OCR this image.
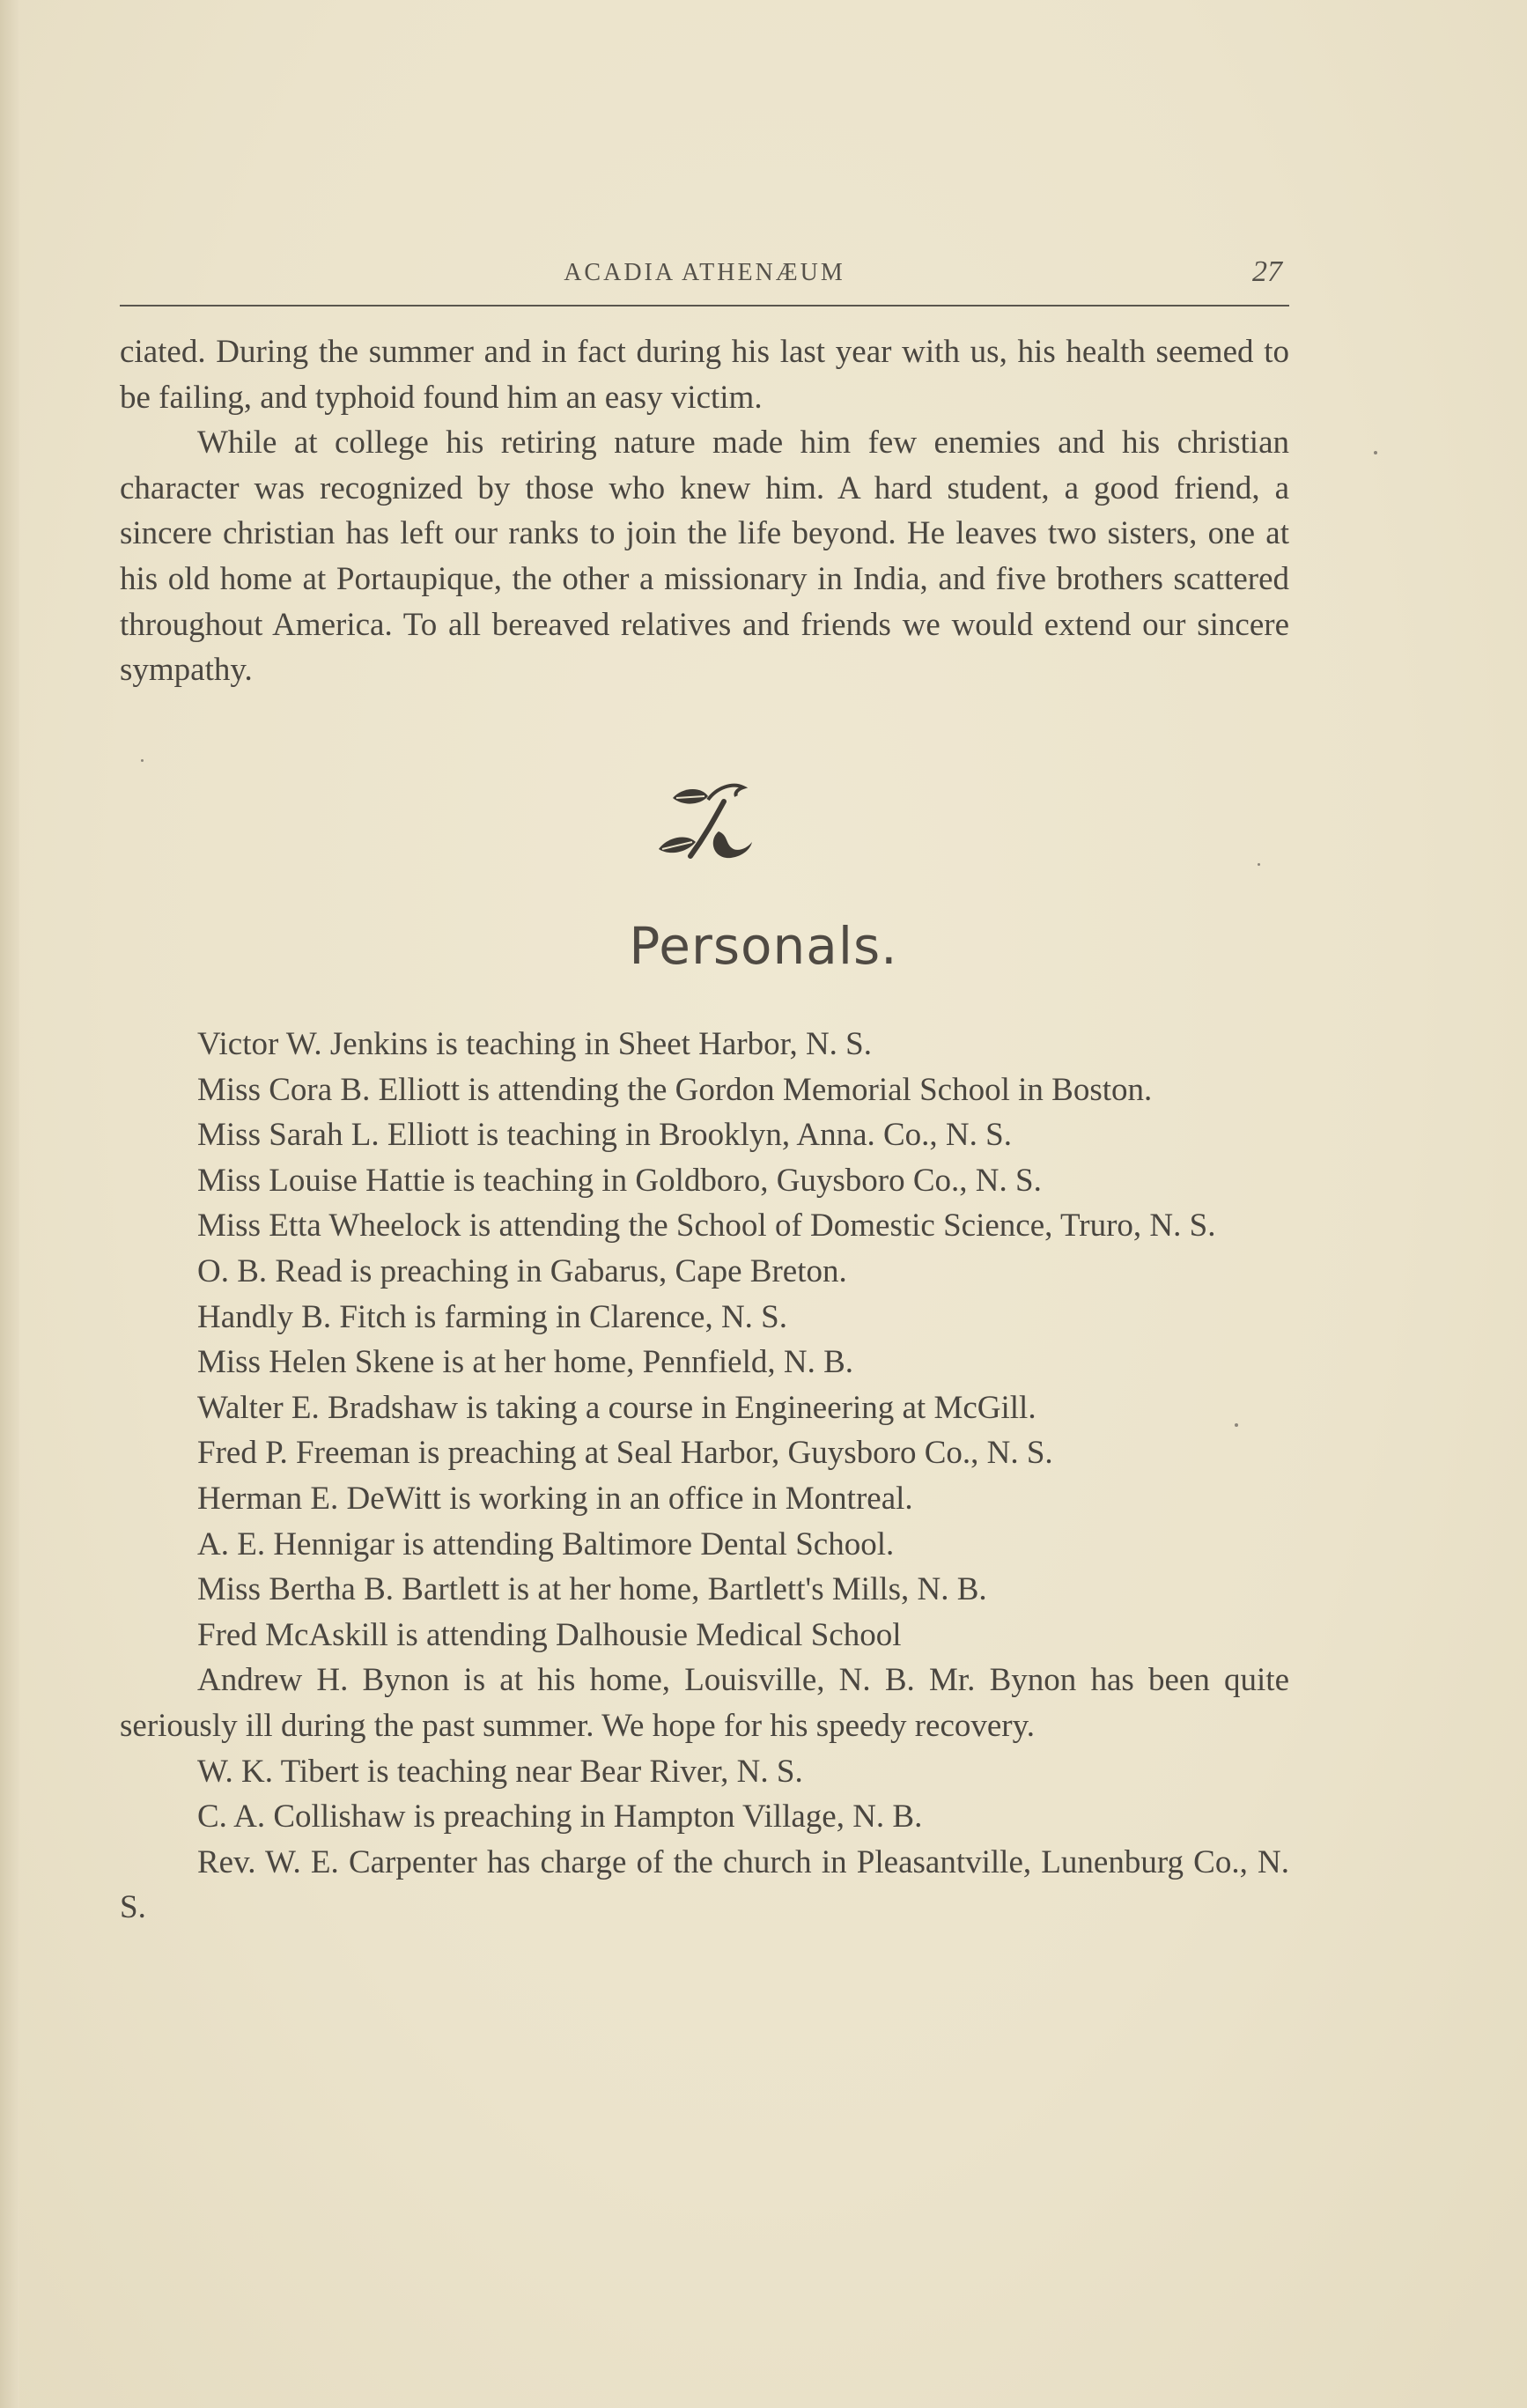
ACADIA ATHENÆUM	27

ciated. During the summer and in fact during his last year with us, his health seemed to be failing, and typhoid found him an easy victim.

While at college his retiring nature made him few enemies and his christian character was recognized by those who knew him. A hard student, a good friend, a sincere christian has left our ranks to join the life beyond. He leaves two sisters, one at his old home at Portaupique, the other a missionary in India, and five brothers scattered throughout America. To all bereaved relatives and friends we would extend our sincere sympathy.

Personals.

Victor W. Jenkins is teaching in Sheet Harbor, N. S.

Miss Cora B. Elliott is attending the Gordon Memorial School in Boston.

Miss Sarah L. Elliott is teaching in Brooklyn, Anna. Co., N. S.

Miss Louise Hattie is teaching in Goldboro, Guysboro Co., N. S.

Miss Etta Wheelock is attending the School of Domestic Science, Truro, N. S.

O. B. Read is preaching in Gabarus, Cape Breton.

Handly B. Fitch is farming in Clarence, N. S.

Miss Helen Skene is at her home, Pennfield, N. B.

Walter E. Bradshaw is taking a course in Engineering at McGill.

Fred P. Freeman is preaching at Seal Harbor, Guysboro Co., N. S.

Herman E. DeWitt is working in an office in Montreal.

A. E. Hennigar is attending Baltimore Dental School.

Miss Bertha B. Bartlett is at her home, Bartlett's Mills, N. B.

Fred McAskill is attending Dalhousie Medical School

Andrew H. Bynon is at his home, Louisville, N. B. Mr. Bynon has been quite seriously ill during the past summer. We hope for his speedy recovery.

W. K. Tibert is teaching near Bear River, N. S.

C. A. Collishaw is preaching in Hampton Village, N. B.

Rev. W. E. Carpenter has charge of the church in Pleasantville, Lunenburg Co., N. S.
